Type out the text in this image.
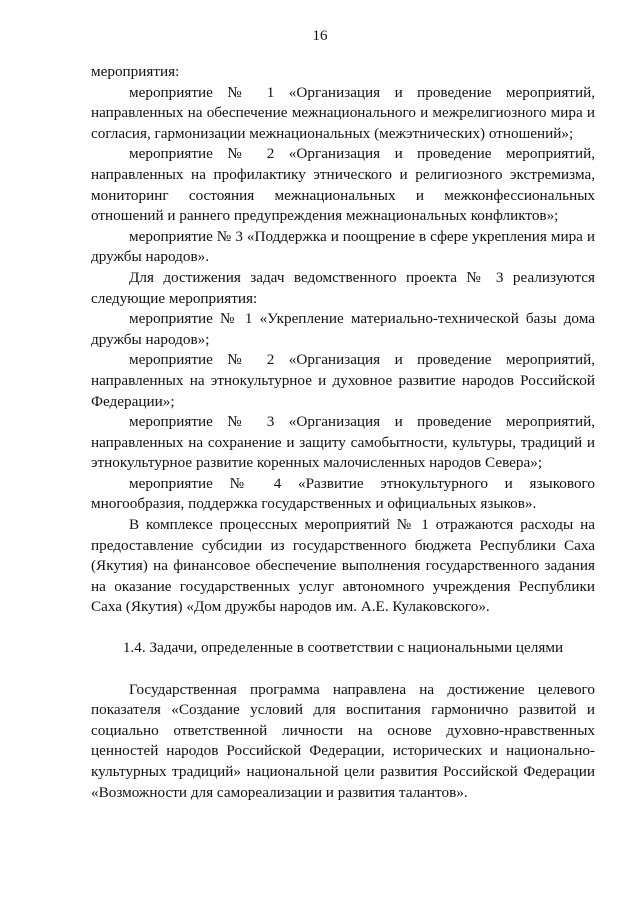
16

мероприятия:

мероприятие № 1 «Организация и проведение мероприятий, направленных на обеспечение межнационального и межрелигиозного мира и согласия, гармонизации межнациональных (межэтнических) отношений»;

мероприятие № 2 «Организация и проведение мероприятий, направленных на профилактику этнического и религиозного экстремизма, мониторинг состояния межнациональных и межконфессиональных отношений и раннего предупреждения межнациональных конфликтов»;

мероприятие № 3 «Поддержка и поощрение в сфере укрепления мира и дружбы народов».

Для достижения задач ведомственного проекта № 3 реализуются следующие мероприятия:

мероприятие № 1 «Укрепление материально-технической базы дома дружбы народов»;

мероприятие № 2 «Организация и проведение мероприятий, направленных на этнокультурное и духовное развитие народов Российской Федерации»;

мероприятие № 3 «Организация и проведение мероприятий, направленных на сохранение и защиту самобытности, культуры, традиций и этнокультурное развитие коренных малочисленных народов Севера»;

мероприятие № 4 «Развитие этнокультурного и языкового многообразия, поддержка государственных и официальных языков».

В комплексе процессных мероприятий № 1 отражаются расходы на предоставление субсидии из государственного бюджета Республики Саха (Якутия) на финансовое обеспечение выполнения государственного задания на оказание государственных услуг автономного учреждения Республики Саха (Якутия) «Дом дружбы народов им. А.Е. Кулаковского».

1.4. Задачи, определенные в соответствии с национальными целями

Государственная программа направлена на достижение целевого показателя «Создание условий для воспитания гармонично развитой и социально ответственной личности на основе духовно-нравственных ценностей народов Российской Федерации, исторических и национально-культурных традиций» национальной цели развития Российской Федерации «Возможности для самореализации и развития талантов».
